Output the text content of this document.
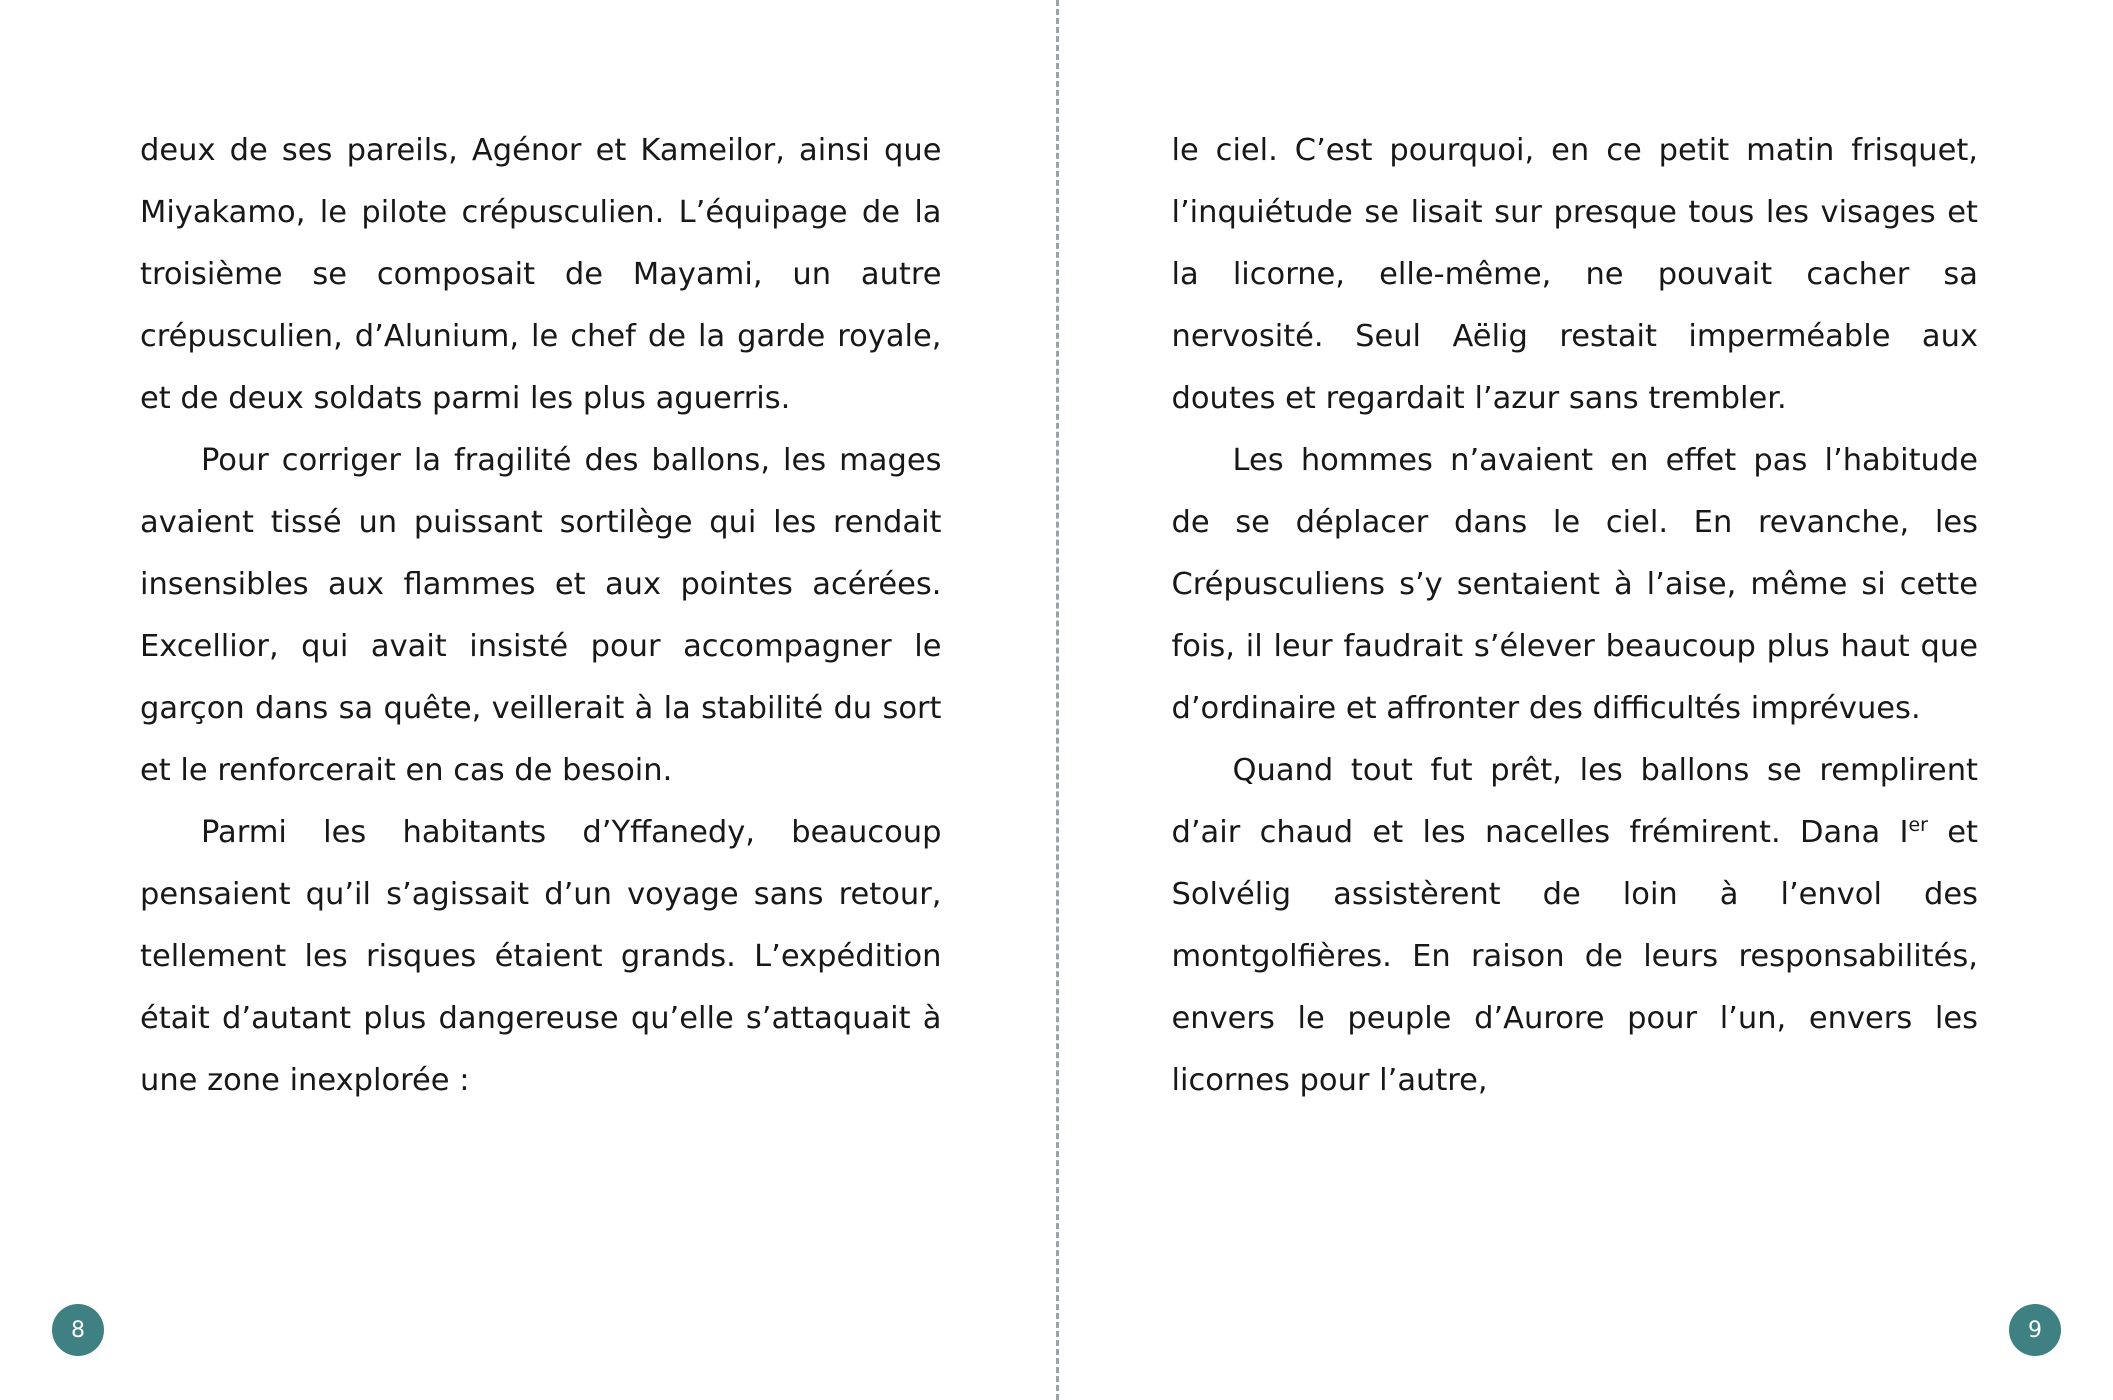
deux de ses pareils, Agénor et Kameilor, ainsi que Miyakamo, le pilote crépusculien. L’équipage de la troisième se composait de Mayami, un autre crépusculien, d’Alunium, le chef de la garde royale, et de deux soldats parmi les plus aguerris.

Pour corriger la fragilité des ballons, les mages avaient tissé un puissant sortilège qui les rendait insensibles aux flammes et aux pointes acérées. Excellior, qui avait insisté pour accompagner le garçon dans sa quête, veillerait à la stabilité du sort et le renforcerait en cas de besoin.

Parmi les habitants d’Yffanedy, beaucoup pensaient qu’il s’agissait d’un voyage sans retour, tellement les risques étaient grands. L’expédition était d’autant plus dangereuse qu’elle s’attaquait à une zone inexplorée :

8

le ciel. C’est pourquoi, en ce petit matin frisquet, l’inquiétude se lisait sur presque tous les visages et la licorne, elle-même, ne pouvait cacher sa nervosité. Seul Aëlig restait imperméable aux doutes et regardait l’azur sans trembler.

Les hommes n’avaient en effet pas l’habitude de se déplacer dans le ciel. En revanche, les Crépusculiens s’y sentaient à l’aise, même si cette fois, il leur faudrait s’élever beaucoup plus haut que d’ordinaire et affronter des difficultés imprévues.

Quand tout fut prêt, les ballons se remplirent d’air chaud et les nacelles frémirent. Dana Ier et Solvélig assistèrent de loin à l’envol des montgolfières. En raison de leurs responsabilités, envers le peuple d’Aurore pour l’un, envers les licornes pour l’autre,

9
